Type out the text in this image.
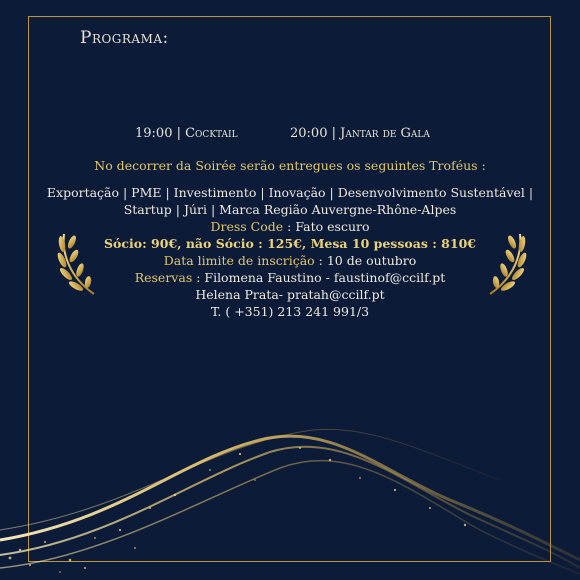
Programa:
19:00 | Cocktail	20:00 | Jantar de Gala
No decorrer da Soirée serão entregues os seguintes Troféus :
Exportação | PME | Investimento | Inovação | Desenvolvimento Sustentável |
Startup | Júri | Marca Região Auvergne-Rhône-Alpes
Dress Code : Fato escuro
Sócio: 90€, não Sócio : 125€, Mesa 10 pessoas : 810€
Data limite de inscrição : 10 de outubro
Reservas : Filomena Faustino - faustinof@ccilf.pt
Helena Prata- pratah@ccilf.pt
T. ( +351) 213 241 991/3
